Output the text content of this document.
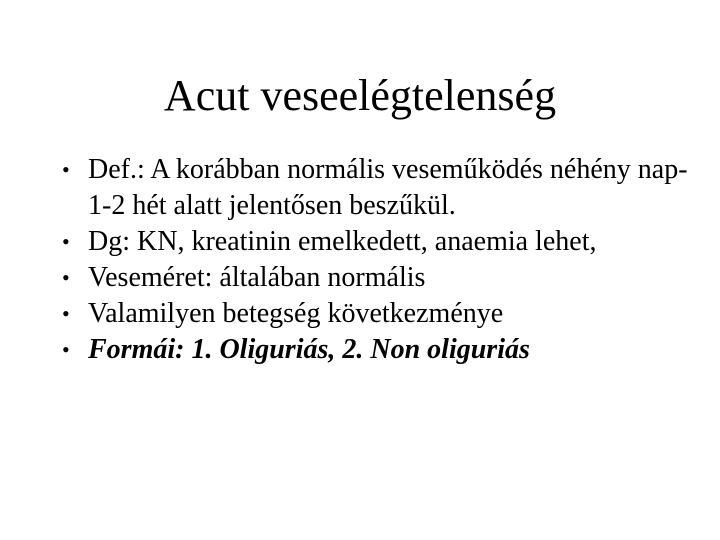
Acut veseelégtelenség
• Def.: A korábban normális veseműködés néhény nap-1-2 hét alatt jelentősen beszűkül.
• Dg: KN, kreatinin emelkedett, anaemia lehet,
• Veseméret: általában normális
• Valamilyen betegség következménye
• Formái: 1. Oliguriás, 2. Non oliguriás
